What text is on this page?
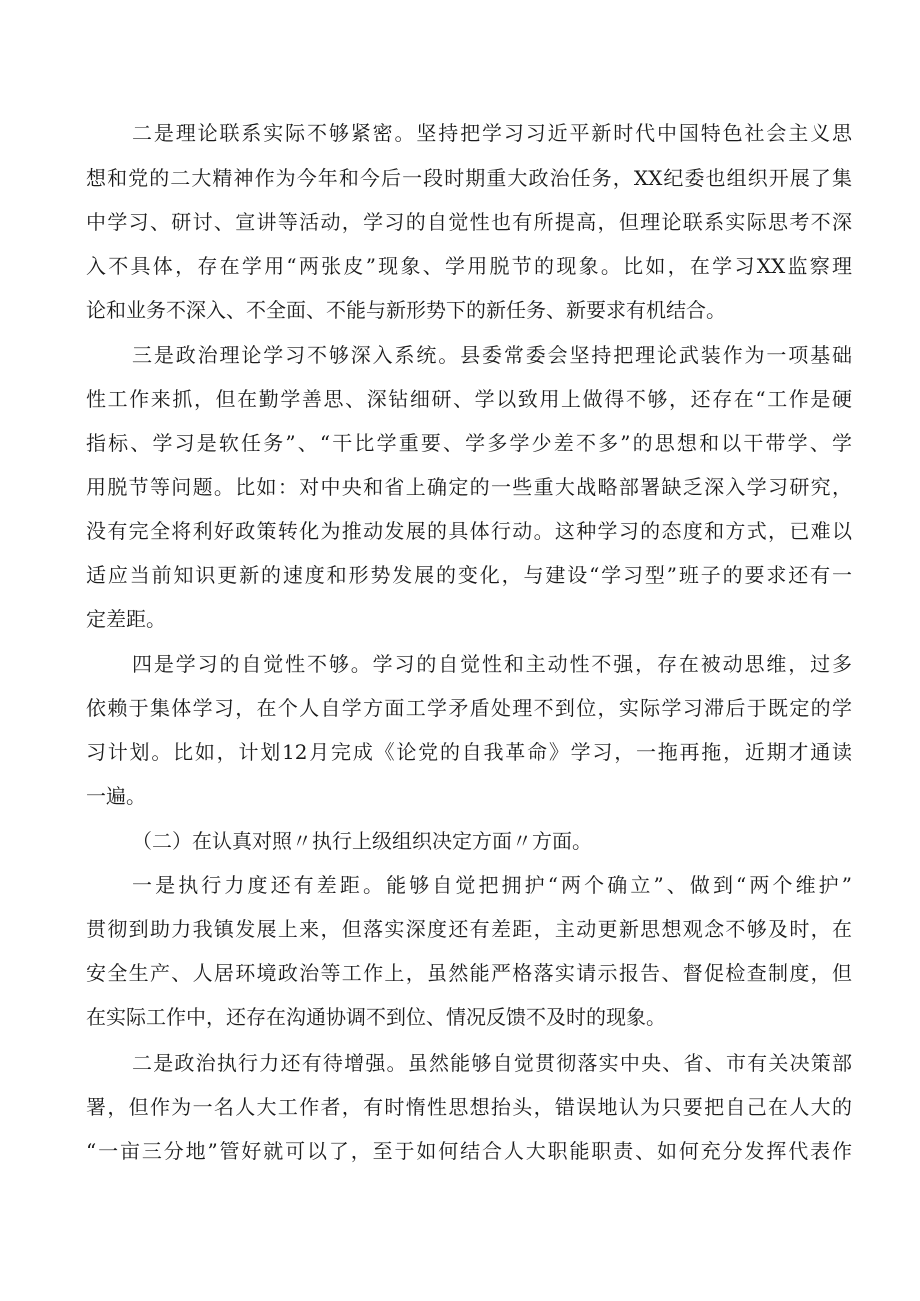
二是理论联系实际不够紧密。坚持把学习习近平新时代中国特色社会主义思
想和党的二大精神作为今年和今后一段时期重大政治任务，XX纪委也组织开展了集
中学习、研讨、宣讲等活动，学习的自觉性也有所提高，但理论联系实际思考不深
入不具体，存在学用“两张皮”现象、学用脱节的现象。比如，在学习XX监察理
论和业务不深入、不全面、不能与新形势下的新任务、新要求有机结合。
三是政治理论学习不够深入系统。县委常委会坚持把理论武装作为一项基础
性工作来抓，但在勤学善思、深钻细研、学以致用上做得不够，还存在“工作是硬
指标、学习是软任务”、“干比学重要、学多学少差不多”的思想和以干带学、学
用脱节等问题。比如：对中央和省上确定的一些重大战略部署缺乏深入学习研究，
没有完全将利好政策转化为推动发展的具体行动。这种学习的态度和方式，已难以
适应当前知识更新的速度和形势发展的变化，与建设“学习型”班子的要求还有一
定差距。
四是学习的自觉性不够。学习的自觉性和主动性不强，存在被动思维，过多
依赖于集体学习，在个人自学方面工学矛盾处理不到位，实际学习滞后于既定的学
习计划。比如，计划12月完成《论党的自我革命》学习，一拖再拖，近期才通读
一遍。
（二）在认真对照〃执行上级组织决定方面〃方面。
一是执行力度还有差距。能够自觉把拥护“两个确立”、做到“两个维护”
贯彻到助力我镇发展上来，但落实深度还有差距，主动更新思想观念不够及时，在
安全生产、人居环境政治等工作上，虽然能严格落实请示报告、督促检查制度，但
在实际工作中，还存在沟通协调不到位、情况反馈不及时的现象。
二是政治执行力还有待增强。虽然能够自觉贯彻落实中央、省、市有关决策部
署，但作为一名人大工作者，有时惰性思想抬头，错误地认为只要把自己在人大的
“一亩三分地”管好就可以了，至于如何结合人大职能职责、如何充分发挥代表作
